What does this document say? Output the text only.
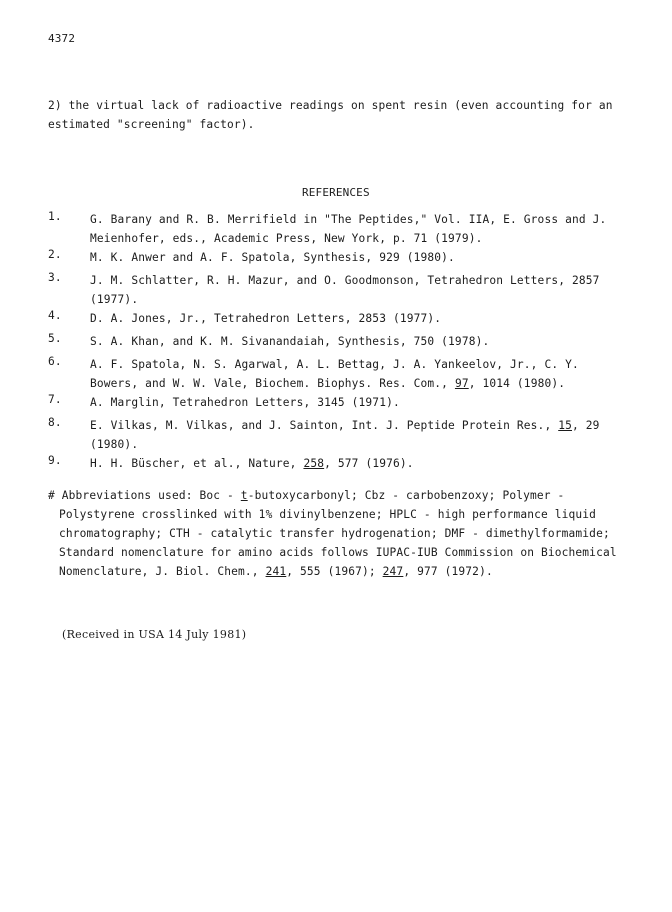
4372
2) the virtual lack of radioactive readings on spent resin (even accounting for an estimated "screening" factor).
REFERENCES
1.	G. Barany and R. B. Merrifield in "The Peptides," Vol. IIA, E. Gross and J. Meienhofer, eds., Academic Press, New York, p. 71 (1979).
2.	M. K. Anwer and A. F. Spatola, Synthesis, 929 (1980).
3.	J. M. Schlatter, R. H. Mazur, and O. Goodmonson, Tetrahedron Letters, 2857 (1977).
4.	D. A. Jones, Jr., Tetrahedron Letters, 2853 (1977).
5.	S. A. Khan, and K. M. Sivanandaiah, Synthesis, 750 (1978).
6.	A. F. Spatola, N. S. Agarwal, A. L. Bettag, J. A. Yankeelov, Jr., C. Y. Bowers, and W. W. Vale, Biochem. Biophys. Res. Com., 97, 1014 (1980).
7.	A. Marglin, Tetrahedron Letters, 3145 (1971).
8.	E. Vilkas, M. Vilkas, and J. Sainton, Int. J. Peptide Protein Res., 15, 29 (1980).
9.	H. H. Büscher, et al., Nature, 258, 577 (1976).
# Abbreviations used: Boc - t-butoxycarbonyl; Cbz - carbobenzoxy; Polymer - Polystyrene crosslinked with 1% divinylbenzene; HPLC - high performance liquid chromatography; CTH - catalytic transfer hydrogenation; DMF - dimethylformamide; Standard nomenclature for amino acids follows IUPAC-IUB Commission on Biochemical Nomenclature, J. Biol. Chem., 241, 555 (1967); 247, 977 (1972).
(Received in USA 14 July 1981)
